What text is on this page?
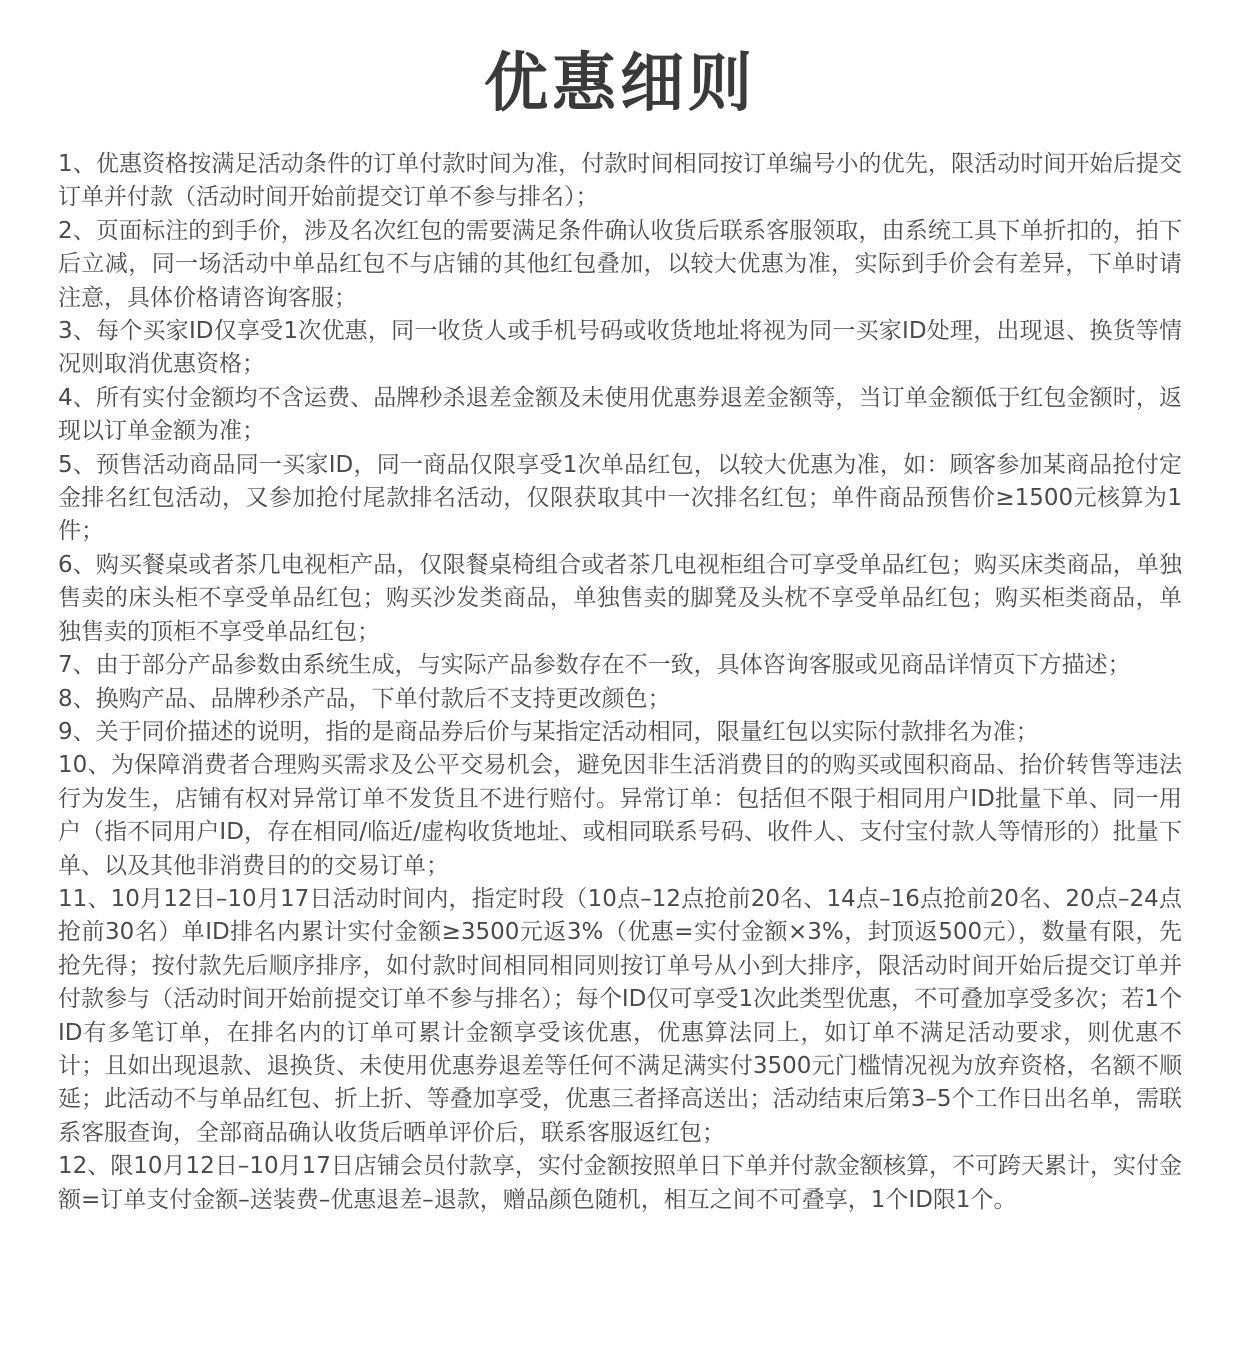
优惠细则

1、优惠资格按满足活动条件的订单付款时间为准，付款时间相同按订单编号小的优先，限活动时间开始后提交订单并付款（活动时间开始前提交订单不参与排名）；

2、页面标注的到手价，涉及名次红包的需要满足条件确认收货后联系客服领取，由系统工具下单折扣的，拍下后立减，同一场活动中单品红包不与店铺的其他红包叠加，以较大优惠为准，实际到手价会有差异，下单时请注意，具体价格请咨询客服；

3、每个买家ID仅享受1次优惠，同一收货人或手机号码或收货地址将视为同一买家ID处理，出现退、换货等情况则取消优惠资格；

4、所有实付金额均不含运费、品牌秒杀退差金额及未使用优惠券退差金额等，当订单金额低于红包金额时，返现以订单金额为准；

5、预售活动商品同一买家ID，同一商品仅限享受1次单品红包，以较大优惠为准，如：顾客参加某商品抢付定金排名红包活动，又参加抢付尾款排名活动，仅限获取其中一次排名红包；单件商品预售价≥1500元核算为1件；

6、购买餐桌或者茶几电视柜产品，仅限餐桌椅组合或者茶几电视柜组合可享受单品红包；购买床类商品，单独售卖的床头柜不享受单品红包；购买沙发类商品，单独售卖的脚凳及头枕不享受单品红包；购买柜类商品，单独售卖的顶柜不享受单品红包；

7、由于部分产品参数由系统生成，与实际产品参数存在不一致，具体咨询客服或见商品详情页下方描述；

8、换购产品、品牌秒杀产品，下单付款后不支持更改颜色；

9、关于同价描述的说明，指的是商品券后价与某指定活动相同，限量红包以实际付款排名为准；

10、为保障消费者合理购买需求及公平交易机会，避免因非生活消费目的的购买或囤积商品、抬价转售等违法行为发生，店铺有权对异常订单不发货且不进行赔付。异常订单：包括但不限于相同用户ID批量下单、同一用户（指不同用户ID，存在相同/临近/虚构收货地址、或相同联系号码、收件人、支付宝付款人等情形的）批量下单、以及其他非消费目的的交易订单；

11、10月12日–10月17日活动时间内，指定时段（10点–12点抢前20名、14点–16点抢前20名、20点–24点抢前30名）单ID排名内累计实付金额≥3500元返3%（优惠=实付金额×3%，封顶返500元），数量有限，先抢先得；按付款先后顺序排序，如付款时间相同相同则按订单号从小到大排序，限活动时间开始后提交订单并付款参与（活动时间开始前提交订单不参与排名）；每个ID仅可享受1次此类型优惠，不可叠加享受多次；若1个ID有多笔订单，在排名内的订单可累计金额享受该优惠，优惠算法同上，如订单不满足活动要求，则优惠不计；且如出现退款、退换货、未使用优惠券退差等任何不满足满实付3500元门槛情况视为放弃资格，名额不顺延；此活动不与单品红包、折上折、等叠加享受，优惠三者择高送出；活动结束后第3–5个工作日出名单，需联系客服查询，全部商品确认收货后晒单评价后，联系客服返红包；

12、限10月12日–10月17日店铺会员付款享，实付金额按照单日下单并付款金额核算，不可跨天累计，实付金额=订单支付金额–送装费–优惠退差–退款，赠品颜色随机，相互之间不可叠享，1个ID限1个。
